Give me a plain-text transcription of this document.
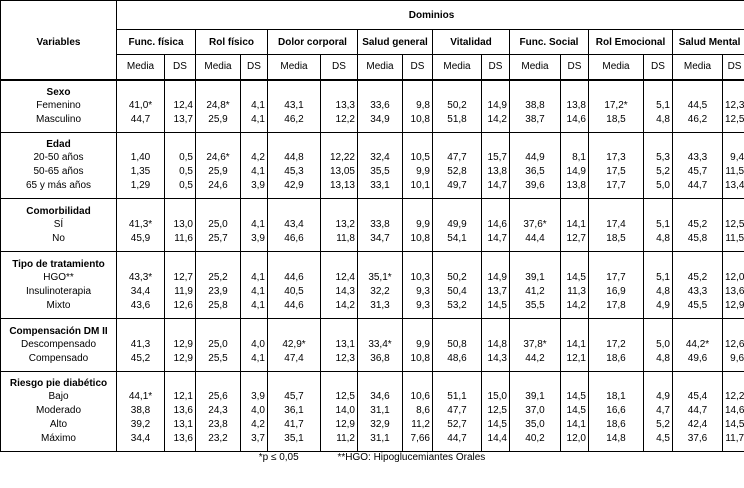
	Dominios															
Variables	Func. física		Rol físico		Dolor corporal		Salud general		Vitalidad		Func. Social		Rol Emocional		Salud Mental	
	Media	DS	Media	DS	Media	DS	Media	DS	Media	DS	Media	DS	Media	DS	Media	DS
Sexo																
Femenino	41,0*	12,4	24,8*	4,1	43,1	13,3	33,6	9,8	50,2	14,9	38,8	13,8	17,2*	5,1	44,5	12,3
Masculino	44,7	13,7	25,9	4,1	46,2	12,2	34,9	10,8	51,8	14,2	38,7	14,6	18,5	4,8	46,2	12,5
Edad																
20-50 años	1,40	0,5	24,6*	4,2	44,8	12,22	32,4	10,5	47,7	15,7	44,9	8,1	17,3	5,3	43,3	9,4
50-65 años	1,35	0,5	25,9	4,1	45,3	13,05	35,5	9,9	52,8	13,8	36,5	14,9	17,5	5,2	45,7	11,5
65 y más años	1,29	0,5	24,6	3,9	42,9	13,13	33,1	10,1	49,7	14,7	39,6	13,8	17,7	5,0	44,7	13,4
Comorbilidad																
SÍ	41,3*	13,0	25,0	4,1	43,4	13,2	33,8	9,9	49,9	14,6	37,6*	14,1	17,4	5,1	45,2	12,5
No	45,9	11,6	25,7	3,9	46,6	11,8	34,7	10,8	54,1	14,7	44,4	12,7	18,5	4,8	45,8	11,5
Tipo de tratamiento																
HGO**	43,3*	12,7	25,2	4,1	44,6	12,4	35,1*	10,3	50,2	14,9	39,1	14,5	17,7	5,1	45,2	12,0
Insulinoterapia	34,4	11,9	23,9	4,1	40,5	14,3	32,2	9,3	50,4	13,7	41,2	11,3	16,9	4,8	43,3	13,6
Mixto	43,6	12,6	25,8	4,1	44,6	14,2	31,3	9,3	53,2	14,5	35,5	14,2	17,8	4,9	45,5	12,9
Compensación DM II																
Descompensado	41,3	12,9	25,0	4,0	42,9*	13,1	33,4*	9,9	50,8	14,8	37,8*	14,1	17,2	5,0	44,2*	12,6
Compensado	45,2	12,9	25,5	4,1	47,4	12,3	36,8	10,8	48,6	14,3	44,2	12,1	18,6	4,8	49,6	9,6
Riesgo pie diabético																
Bajo	44,1*	12,1	25,6	3,9	45,7	12,5	34,6	10,6	51,1	15,0	39,1	14,5	18,1	4,9	45,4	12,2
Moderado	38,8	13,6	24,3	4,0	36,1	14,0	31,1	8,6	47,7	12,5	37,0	14,5	16,6	4,7	44,7	14,6
Alto	39,2	13,1	23,8	4,2	41,7	12,9	32,9	11,2	52,7	14,5	35,0	14,1	18,6	5,2	42,4	14,5
Máximo	34,4	13,6	23,2	3,7	35,1	11,2	31,1	7,66	44,7	14,4	40,2	12,0	14,8	4,5	37,6	11,7
*p ≤ 0,05	**HGO: Hipoglucemiantes Orales
